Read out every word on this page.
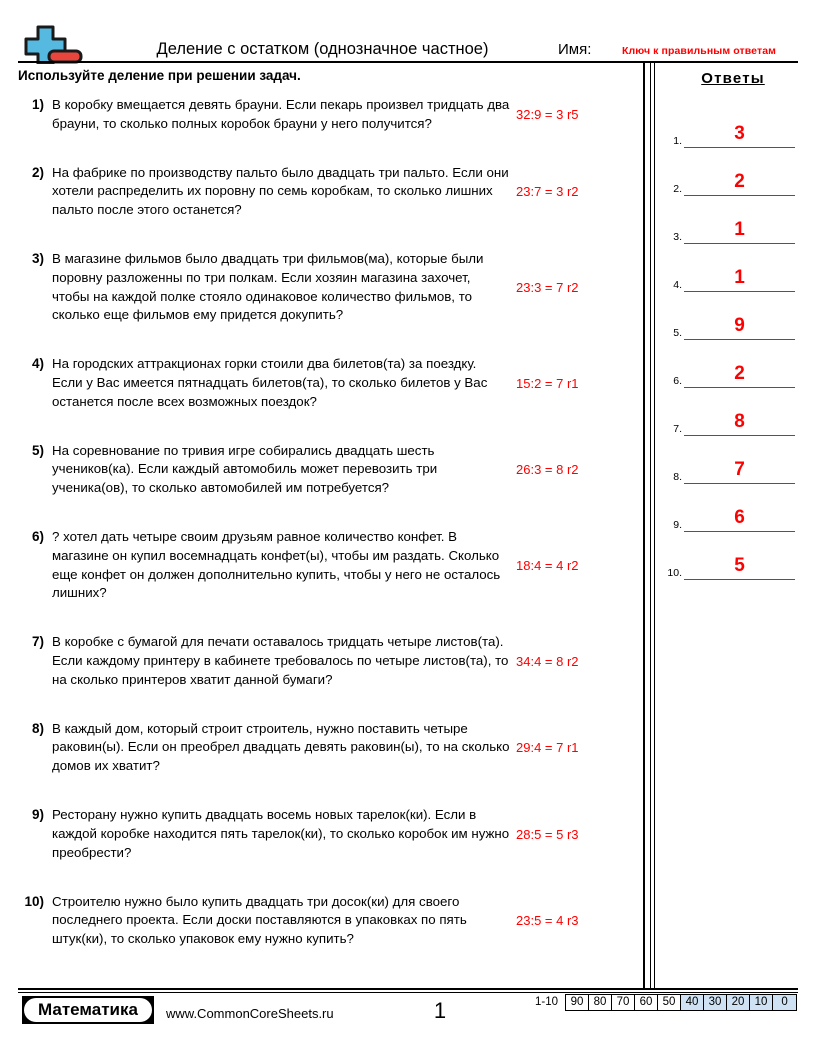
Деление с остатком (однозначное частное)	Имя:	Ключ к правильным ответам
Используйте деление при решении задач.
1) В коробку вмещается девять брауни. Если пекарь произвел тридцать два брауни, то сколько полных коробок брауни у него получится?
32:9 = 3 r5
2) На фабрике по производству пальто было двадцать три пальто. Если они хотели распределить их поровну по семь коробкам, то сколько лишних пальто после этого останется?
23:7 = 3 r2
3) В магазине фильмов было двадцать три фильмов(ма), которые были поровну разложенны по три полкам. Если хозяин магазина захочет, чтобы на каждой полке стояло одинаковое количество фильмов, то сколько еще фильмов ему придется докупить?
23:3 = 7 r2
4) На городских аттракционах горки стоили два билетов(та) за поездку. Если у Вас имеется пятнадцать билетов(та), то сколько билетов у Вас останется после всех возможных поездок?
15:2 = 7 r1
5) На соревнование по тривия игре собирались двадцать шесть учеников(ка). Если каждый автомобиль может перевозить три ученика(ов), то сколько автомобилей им потребуется?
26:3 = 8 r2
6) ? хотел дать четыре своим друзьям равное количество конфет. В магазине он купил восемнадцать конфет(ы), чтобы им раздать. Сколько еще конфет он должен дополнительно купить, чтобы у него не осталось лишних?
18:4 = 4 r2
7) В коробке с бумагой для печати оставалось тридцать четыре листов(та). Если каждому принтеру в кабинете требовалось по четыре листов(та), то на сколько принтеров хватит данной бумаги?
34:4 = 8 r2
8) В каждый дом, который строит строитель, нужно поставить четыре раковин(ы). Если он преобрел двадцать девять раковин(ы), то на сколько домов их хватит?
29:4 = 7 r1
9) Ресторану нужно купить двадцать восемь новых тарелок(ки). Если в каждой коробке находится пять тарелок(ки), то сколько коробок им нужно преобрести?
28:5 = 5 r3
10) Строителю нужно было купить двадцать три досок(ки) для своего последнего проекта. Если доски поставляются в упаковках по пять штук(ки), то сколько упаковок ему нужно купить?
23:5 = 4 r3
Ответы
1.	3
2.	2
3.	1
4.	1
5.	9
6.	2
7.	8
8.	7
9.	6
10.	5
Математика	www.CommonCoreSheets.ru	1	1-10	90 80 70 60 50 40 30 20 10	0
